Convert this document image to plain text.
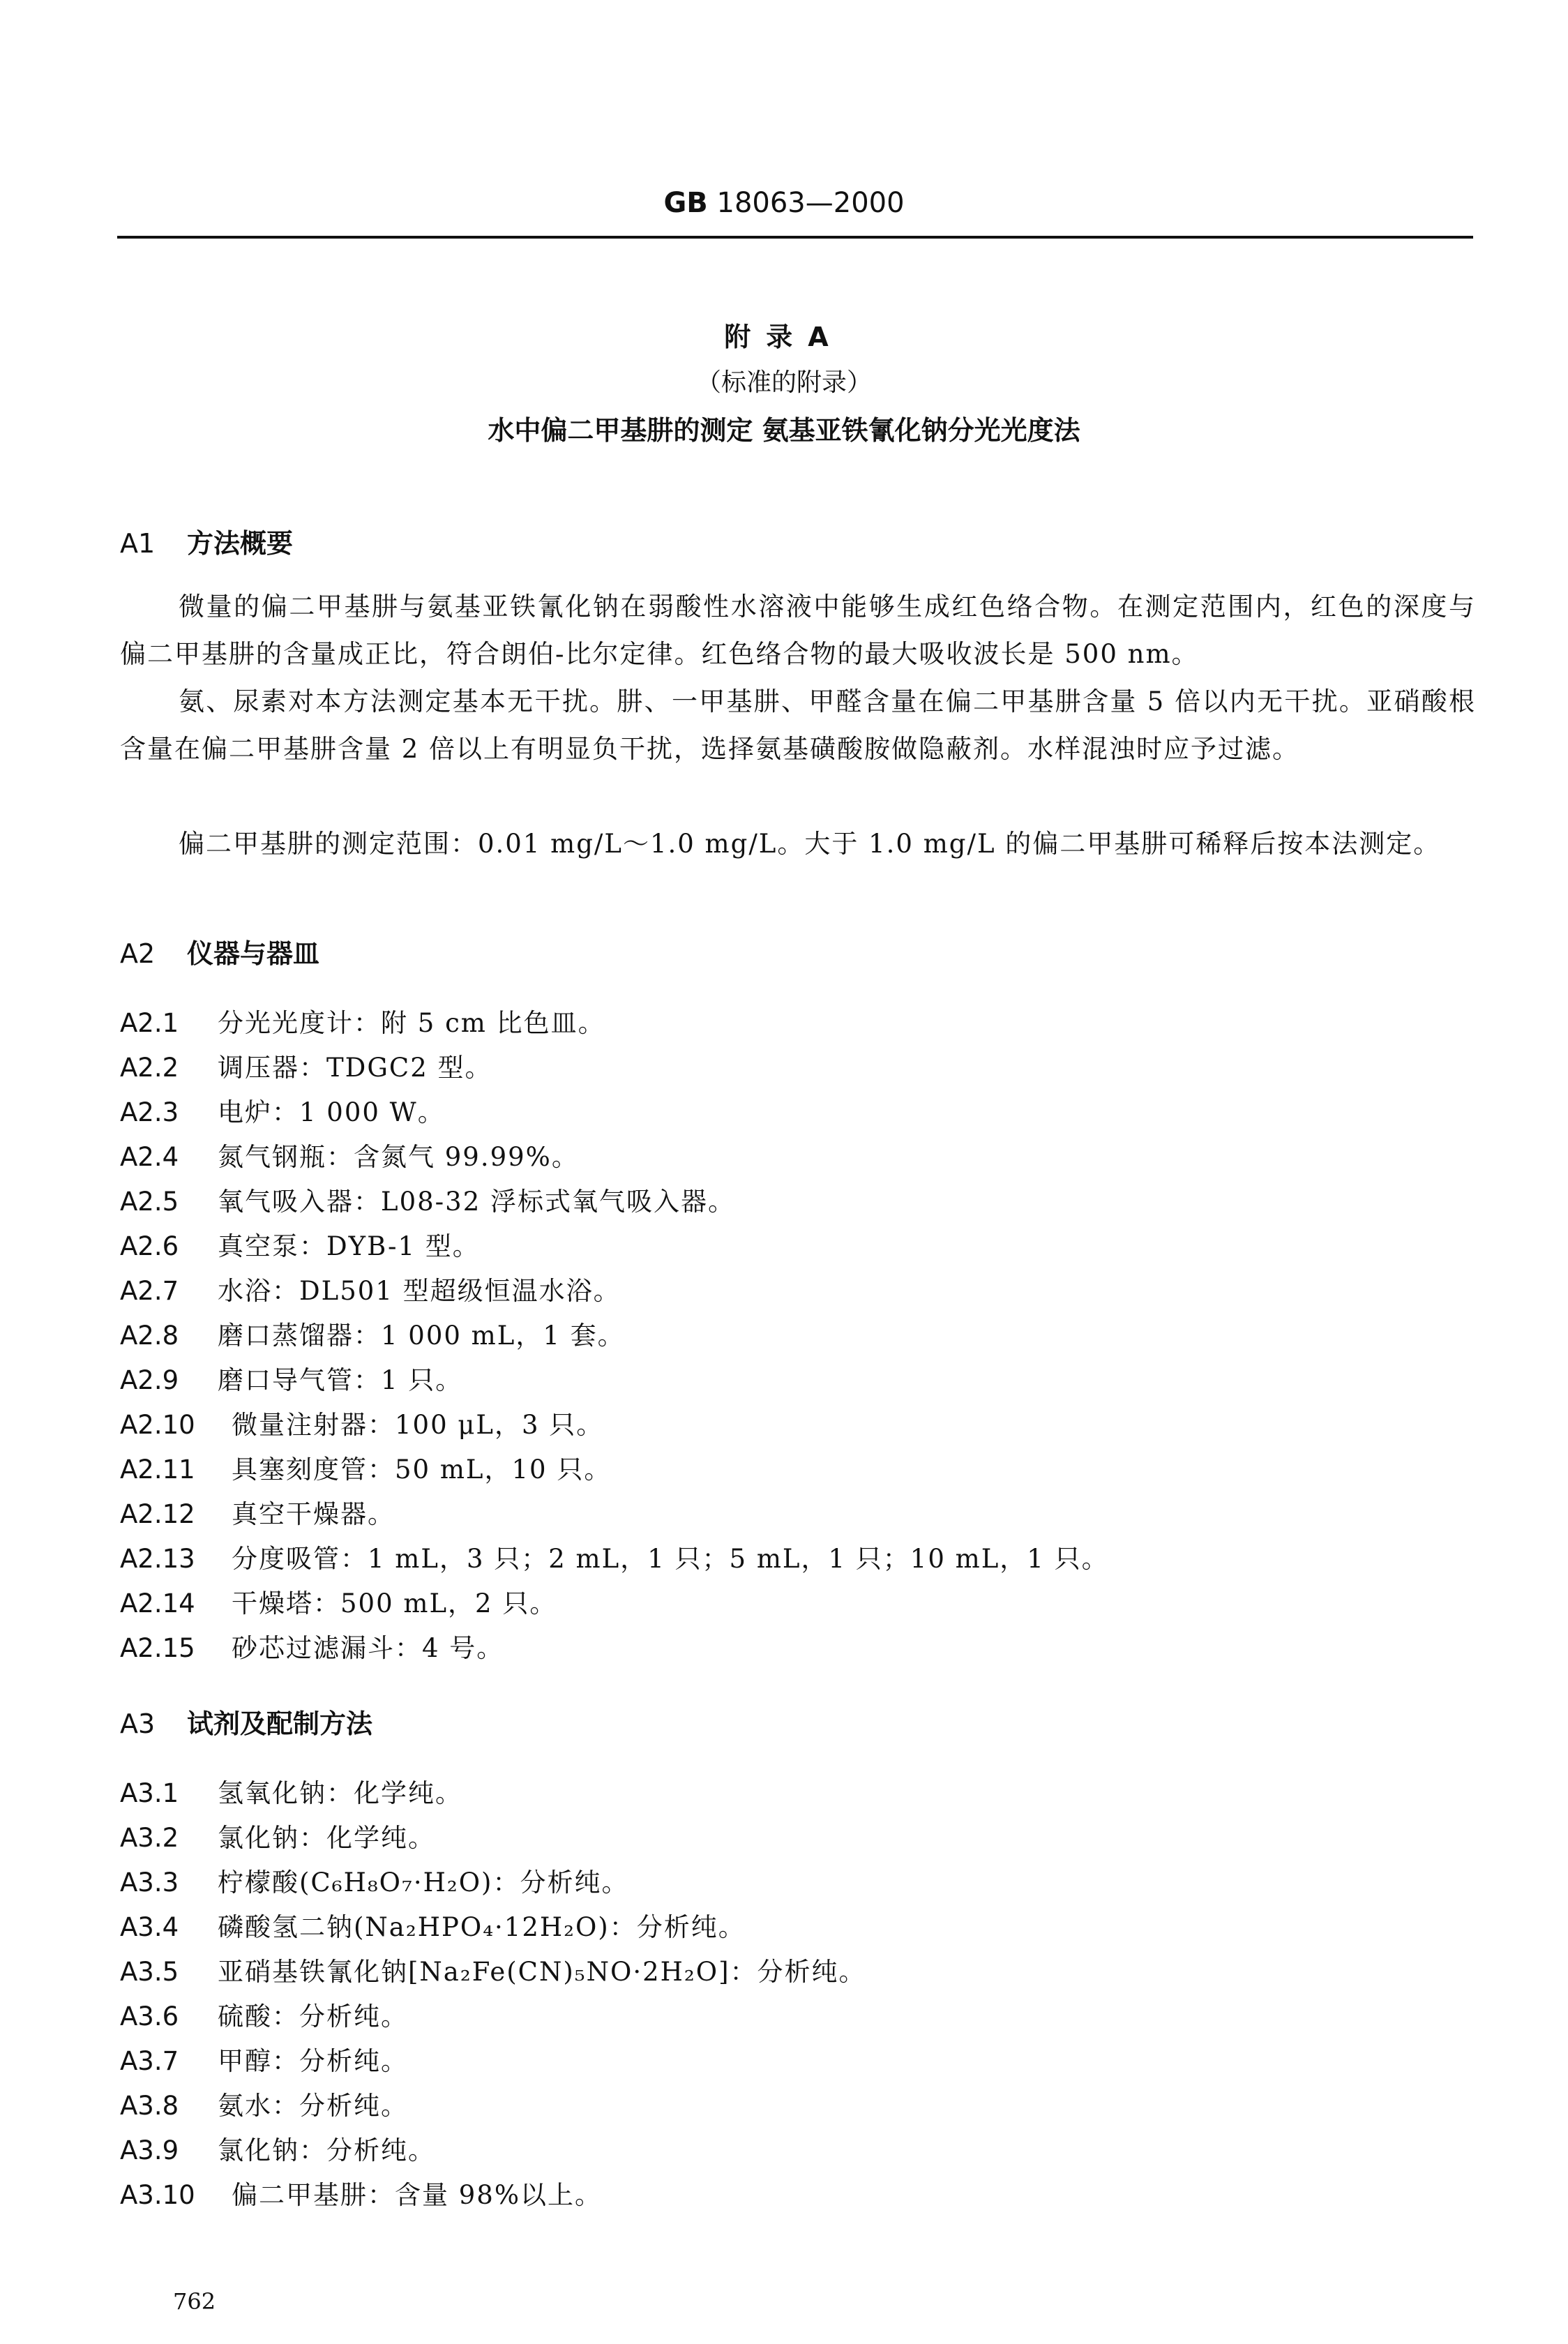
GB 18063—2000
附录A
（标准的附录）
水中偏二甲基肼的测定 氨基亚铁氰化钠分光光度法
A1 方法概要
微量的偏二甲基肼与氨基亚铁氰化钠在弱酸性水溶液中能够生成红色络合物。在测定范围内，红色的深度与偏二甲基肼的含量成正比，符合朗伯-比尔定律。红色络合物的最大吸收波长是 500 nm。
氨、尿素对本方法测定基本无干扰。肼、一甲基肼、甲醛含量在偏二甲基肼含量 5 倍以内无干扰。亚硝酸根含量在偏二甲基肼含量 2 倍以上有明显负干扰，选择氨基磺酸胺做隐蔽剂。水样混浊时应予过滤。
偏二甲基肼的测定范围：0.01 mg/L～1.0 mg/L。大于 1.0 mg/L 的偏二甲基肼可稀释后按本法测定。
A2 仪器与器皿
A2.1 分光光度计：附 5 cm 比色皿。
A2.2 调压器：TDGC2 型。
A2.3 电炉：1 000 W。
A2.4 氮气钢瓶：含氮气 99.99%。
A2.5 氧气吸入器：L08-32 浮标式氧气吸入器。
A2.6 真空泵：DYB-1 型。
A2.7 水浴：DL501 型超级恒温水浴。
A2.8 磨口蒸馏器：1 000 mL，1 套。
A2.9 磨口导气管：1 只。
A2.10 微量注射器：100 μL，3 只。
A2.11 具塞刻度管：50 mL，10 只。
A2.12 真空干燥器。
A2.13 分度吸管：1 mL，3 只；2 mL，1 只；5 mL，1 只；10 mL，1 只。
A2.14 干燥塔：500 mL，2 只。
A2.15 砂芯过滤漏斗：4 号。
A3 试剂及配制方法
A3.1 氢氧化钠：化学纯。
A3.2 氯化钠：化学纯。
A3.3 柠檬酸(C₆H₈O₇·H₂O)：分析纯。
A3.4 磷酸氢二钠(Na₂HPO₄·12H₂O)：分析纯。
A3.5 亚硝基铁氰化钠[Na₂Fe(CN)₅NO·2H₂O]：分析纯。
A3.6 硫酸：分析纯。
A3.7 甲醇：分析纯。
A3.8 氨水：分析纯。
A3.9 氯化钠：分析纯。
A3.10 偏二甲基肼：含量 98%以上。
762
